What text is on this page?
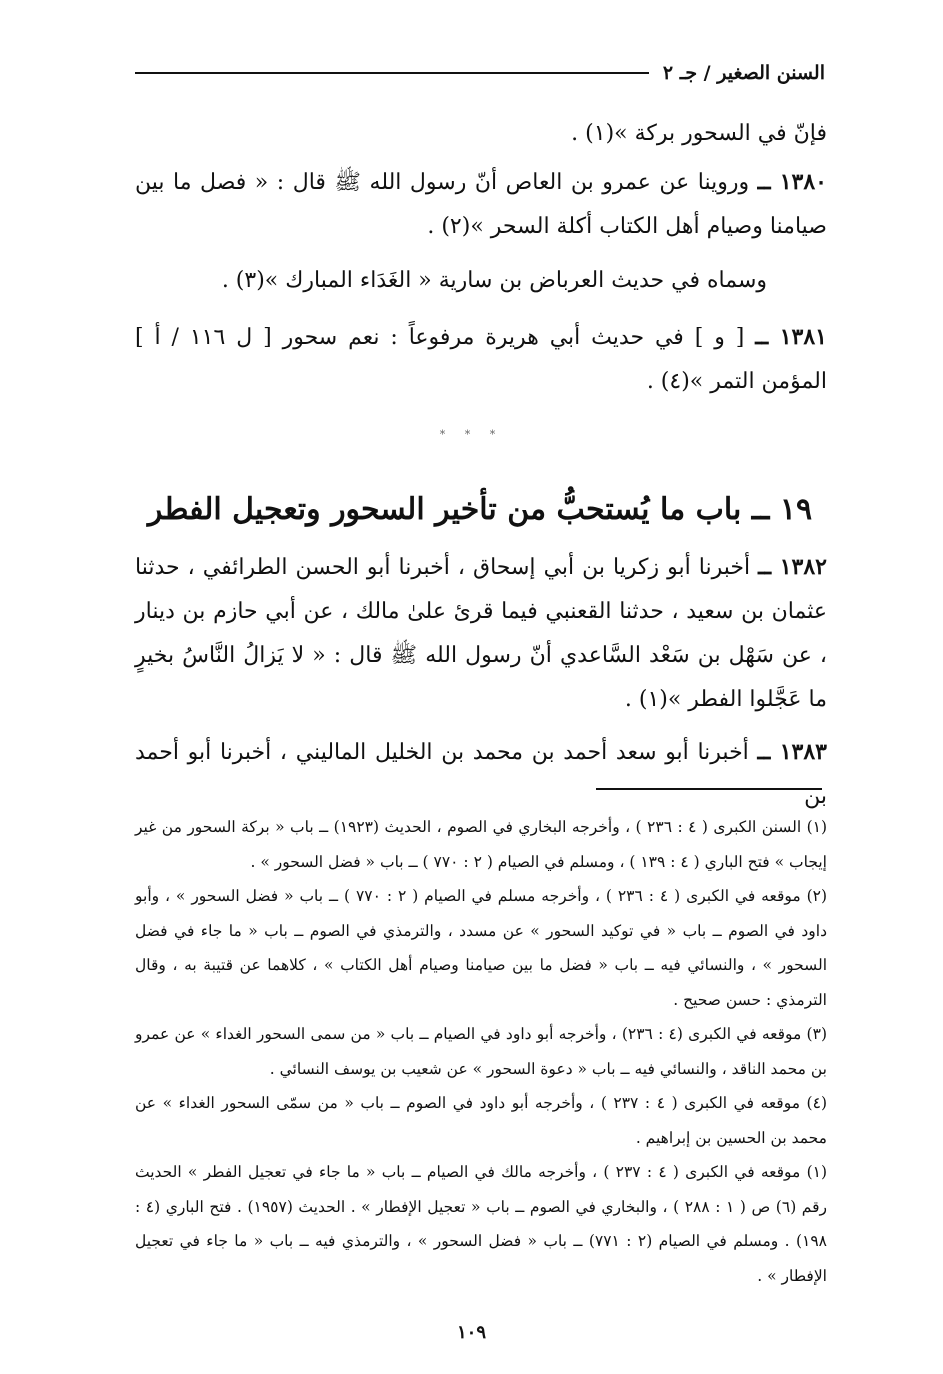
السنن الصغير / جـ ٢

فإنّ في السحور بركة »(١) .

١٣٨٠ ــ وروينا عن عمرو بن العاص أنّ رسول الله ﷺ قال : « فصل ما بين صيامنا وصيام أهل الكتاب أكلة السحر »(٢) .

وسماه في حديث العرباض بن سارية « الغَدَاء المبارك »(٣) .

١٣٨١ ــ [ و ] في حديث أبي هريرة مرفوعاً : نعم سحور [ ل ١١٦ / أ ] المؤمن التمر »(٤) .

* * *
١٩ ــ باب ما يُستحبُّ من تأخير السحور وتعجيل الفطر

١٣٨٢ ــ أخبرنا أبو زكريا بن أبي إسحاق ، أخبرنا أبو الحسن الطرائفي ، حدثنا عثمان بن سعيد ، حدثنا القعنبي فيما قرئ علىٰ مالك ، عن أبي حازم بن دينار ، عن سَهْل بن سَعْد السَّاعدي أنّ رسول الله ﷺ قال : « لا يَزالُ النَّاسُ بخيرٍ ما عَجَّلوا الفطر »(١) .

١٣٨٣ ــ أخبرنا أبو سعد أحمد بن محمد بن الخليل الماليني ، أخبرنا أبو أحمد بن

(١) السنن الكبرى ( ٤ : ٢٣٦ ) ، وأخرجه البخاري في الصوم ، الحديث (١٩٢٣) ــ باب « بركة السحور من غير إيجاب » فتح الباري ( ٤ : ١٣٩ ) ، ومسلم في الصيام ( ٢ : ٧٧٠ ) ــ باب « فضل السحور » .

(٢) موقعه في الكبرى ( ٤ : ٢٣٦ ) ، وأخرجه مسلم في الصيام ( ٢ : ٧٧٠ ) ــ باب « فضل السحور » ، وأبو داود في الصوم ــ باب « في توكيد السحور » عن مسدد ، والترمذي في الصوم ــ باب « ما جاء في فضل السحور » ، والنسائي فيه ــ باب « فضل ما بين صيامنا وصيام أهل الكتاب » ، كلاهما عن قتيبة به ، وقال الترمذي : حسن صحيح .

(٣) موقعه في الكبرى (٤ : ٢٣٦) ، وأخرجه أبو داود في الصيام ــ باب « من سمى السحور الغداء » عن عمرو بن محمد الناقد ، والنسائي فيه ــ باب « دعوة السحور » عن شعيب بن يوسف النسائي .

(٤) موقعه في الكبرى ( ٤ : ٢٣٧ ) ، وأخرجه أبو داود في الصوم ــ باب « من سمّى السحور الغداء » عن محمد بن الحسين بن إبراهيم .

(١) موقعه في الكبرى ( ٤ : ٢٣٧ ) ، وأخرجه مالك في الصيام ــ باب « ما جاء في تعجيل الفطر » الحديث رقم (٦) ص ( ١ : ٢٨٨ ) ، والبخاري في الصوم ــ باب « تعجيل الإفطار » . الحديث (١٩٥٧) . فتح الباري (٤ : ١٩٨) . ومسلم في الصيام (٢ : ٧٧١) ــ باب « فضل السحور » ، والترمذي فيه ــ باب « ما جاء في تعجيل الإفطار » .

١٠٩
